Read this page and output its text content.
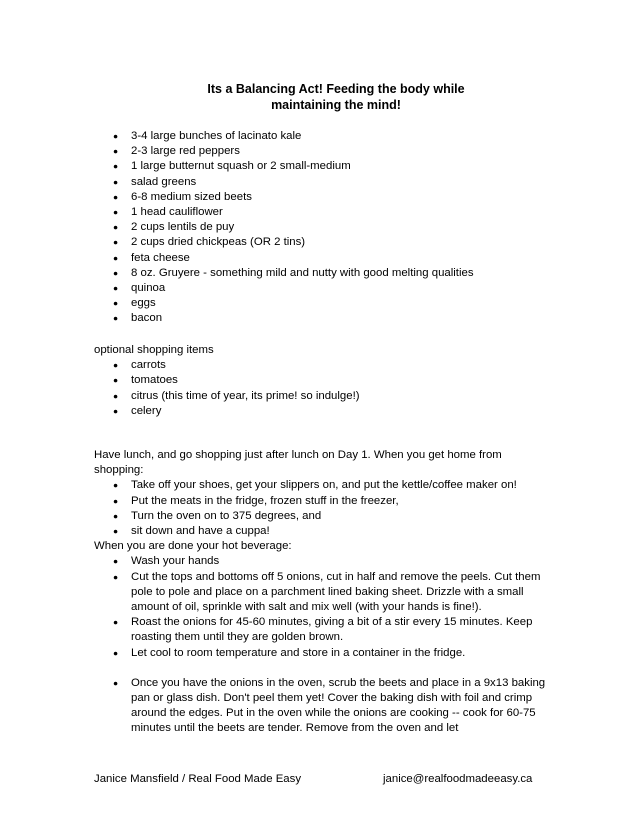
Its a Balancing Act! Feeding the body while
maintaining the mind!
● 3-4 large bunches of lacinato kale
● 2-3 large red peppers
● 1 large butternut squash or 2 small-medium
● salad greens
● 6-8 medium sized beets
● 1 head cauliflower
● 2 cups lentils de puy
● 2 cups dried chickpeas (OR 2 tins)
● feta cheese
● 8 oz. Gruyere - something mild and nutty with good melting qualities
● quinoa
● eggs
● bacon
optional shopping items
● carrots
● tomatoes
● citrus (this time of year, its prime! so indulge!)
● celery
Have lunch, and go shopping just after lunch on Day 1. When you get home from shopping:
● Take off your shoes, get your slippers on, and put the kettle/coffee maker on!
● Put the meats in the fridge, frozen stuff in the freezer,
● Turn the oven on to 375 degrees, and
● sit down and have a cuppa!
When you are done your hot beverage:
● Wash your hands
● Cut the tops and bottoms off 5 onions, cut in half and remove the peels. Cut them pole to pole and place on a parchment lined baking sheet. Drizzle with a small amount of oil, sprinkle with salt and mix well (with your hands is fine!).
● Roast the onions for 45-60 minutes, giving a bit of a stir every 15 minutes. Keep roasting them until they are golden brown.
● Let cool to room temperature and store in a container in the fridge.
● Once you have the onions in the oven, scrub the beets and place in a 9x13 baking pan or glass dish. Don't peel them yet! Cover the baking dish with foil and crimp around the edges. Put in the oven while the onions are cooking -- cook for 60-75 minutes until the beets are tender. Remove from the oven and let
Janice Mansfield / Real Food Made Easy	janice@realfoodmadeeasy.ca
